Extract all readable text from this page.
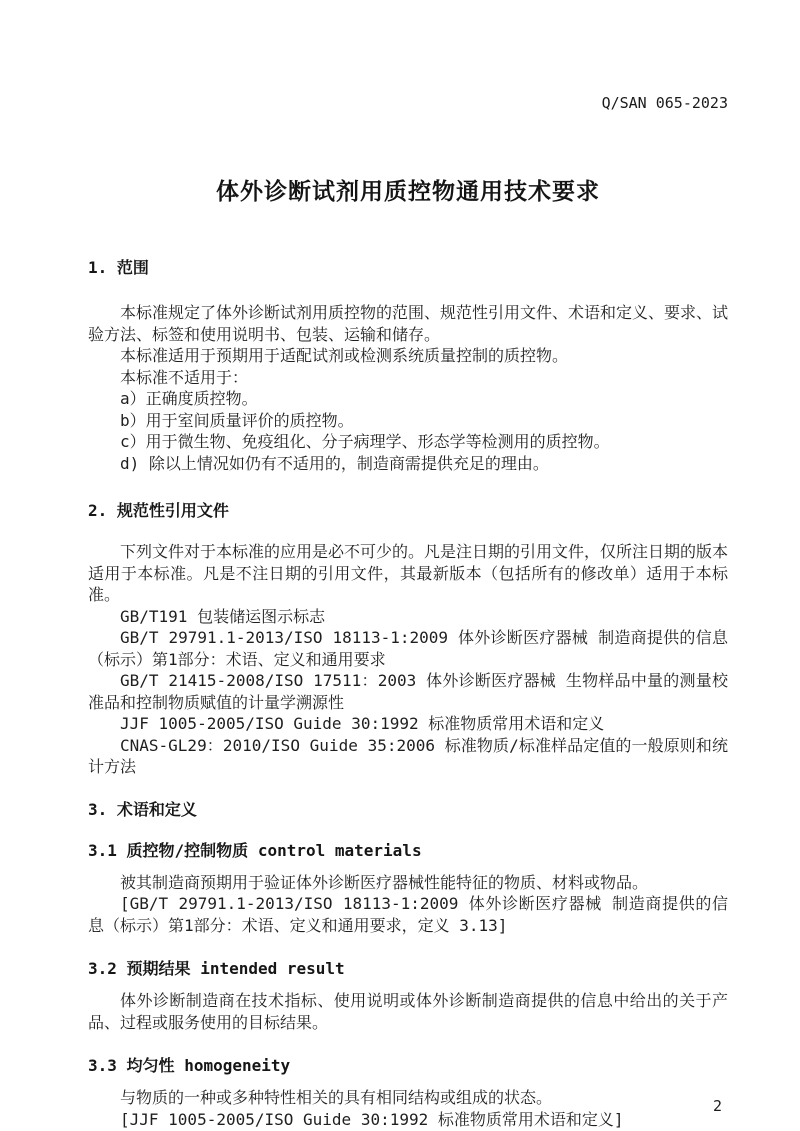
Q/SAN 065-2023

体外诊断试剂用质控物通用技术要求
1. 范围

本标准规定了体外诊断试剂用质控物的范围、规范性引用文件、术语和定义、要求、试验方法、标签和使用说明书、包装、运输和储存。

本标准适用于预期用于适配试剂或检测系统质量控制的质控物。

本标准不适用于：

a）正确度质控物。

b）用于室间质量评价的质控物。

c）用于微生物、免疫组化、分子病理学、形态学等检测用的质控物。

d) 除以上情况如仍有不适用的，制造商需提供充足的理由。

2. 规范性引用文件

下列文件对于本标准的应用是必不可少的。凡是注日期的引用文件，仅所注日期的版本适用于本标准。凡是不注日期的引用文件，其最新版本（包括所有的修改单）适用于本标准。

GB/T191 包装储运图示标志

GB/T 29791.1-2013/ISO 18113-1:2009 体外诊断医疗器械 制造商提供的信息（标示）第1部分：术语、定义和通用要求

GB/T 21415-2008/ISO 17511：2003 体外诊断医疗器械 生物样品中量的测量校准品和控制物质赋值的计量学溯源性

JJF 1005-2005/ISO Guide 30:1992 标准物质常用术语和定义

CNAS-GL29：2010/ISO Guide 35:2006 标准物质/标准样品定值的一般原则和统计方法

3. 术语和定义
3.1 质控物/控制物质 control materials

被其制造商预期用于验证体外诊断医疗器械性能特征的物质、材料或物品。

[GB/T 29791.1-2013/ISO 18113-1:2009 体外诊断医疗器械 制造商提供的信息（标示）第1部分：术语、定义和通用要求，定义 3.13]

3.2 预期结果 intended result

体外诊断制造商在技术指标、使用说明或体外诊断制造商提供的信息中给出的关于产品、过程或服务使用的目标结果。

3.3 均匀性 homogeneity

与物质的一种或多种特性相关的具有相同结构或组成的状态。

[JJF 1005-2005/ISO Guide 30:1992 标准物质常用术语和定义]

2
